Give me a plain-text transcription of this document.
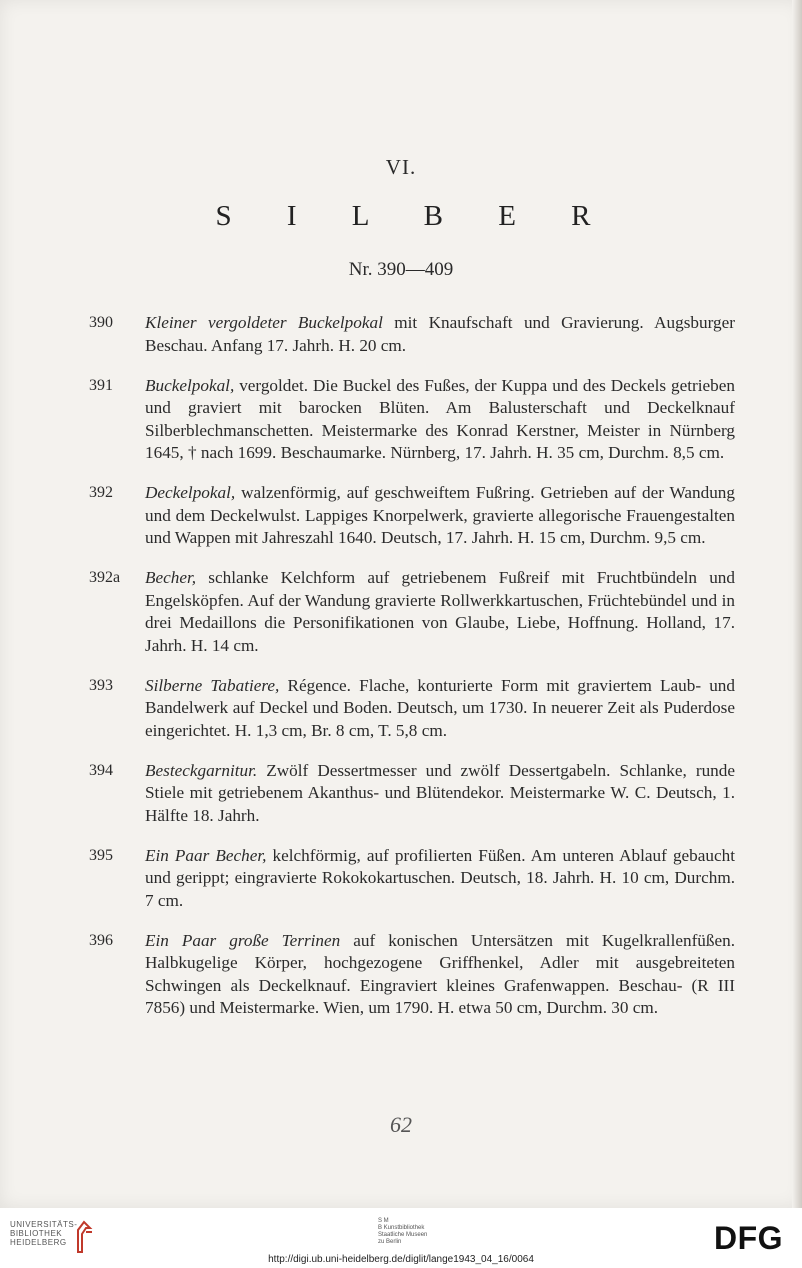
VI.
S I L B E R
Nr. 390—409
390 Kleiner vergoldeter Buckelpokal mit Knaufschaft und Gravierung. Augsburger Beschau. Anfang 17. Jahrh. H. 20 cm.
391 Buckelpokal, vergoldet. Die Buckel des Fußes, der Kuppa und des Deckels getrieben und graviert mit barocken Blüten. Am Balusterschaft und Deckelknauf Silberblechmanschetten. Meistermarke des Konrad Kerstner, Meister in Nürnberg 1645, † nach 1699. Beschaumarke. Nürnberg, 17. Jahrh. H. 35 cm, Durchm. 8,5 cm.
392 Deckelpokal, walzenförmig, auf geschweiftem Fußring. Getrieben auf der Wandung und dem Deckelwulst. Lappiges Knorpelwerk, gravierte allegorische Frauengestalten und Wappen mit Jahreszahl 1640. Deutsch, 17. Jahrh. H. 15 cm, Durchm. 9,5 cm.
392a Becher, schlanke Kelchform auf getriebenem Fußreif mit Fruchtbündeln und Engelsköpfen. Auf der Wandung gravierte Rollwerkkartuschen, Früchtebündel und in drei Medaillons die Personifikationen von Glaube, Liebe, Hoffnung. Holland, 17. Jahrh. H. 14 cm.
393 Silberne Tabatiere, Régence. Flache, konturierte Form mit graviertem Laub- und Bandelwerk auf Deckel und Boden. Deutsch, um 1730. In neuerer Zeit als Puderdose eingerichtet. H. 1,3 cm, Br. 8 cm, T. 5,8 cm.
394 Besteckgarnitur. Zwölf Dessertmesser und zwölf Dessertgabeln. Schlanke, runde Stiele mit getriebenem Akanthus- und Blütendekor. Meistermarke W. C. Deutsch, 1. Hälfte 18. Jahrh.
395 Ein Paar Becher, kelchförmig, auf profilierten Füßen. Am unteren Ablauf gebaucht und gerippt; eingravierte Rokokokartuschen. Deutsch, 18. Jahrh. H. 10 cm, Durchm. 7 cm.
396 Ein Paar große Terrinen auf konischen Untersätzen mit Kugelkrallenfüßen. Halbkugelige Körper, hochgezogene Griffhenkel, Adler mit ausgebreiteten Schwingen als Deckelknauf. Eingraviert kleines Grafenwappen. Beschau- (R III 7856) und Meistermarke. Wien, um 1790. H. etwa 50 cm, Durchm. 30 cm.
62
UNIVERSITÄTS-
BIBLIOTHEK
HEIDELBERG
S M
B Kunstbibliothek
Staatliche Museen
zu Berlin	DFG
http://digi.ub.uni-heidelberg.de/diglit/lange1943_04_16/0064
